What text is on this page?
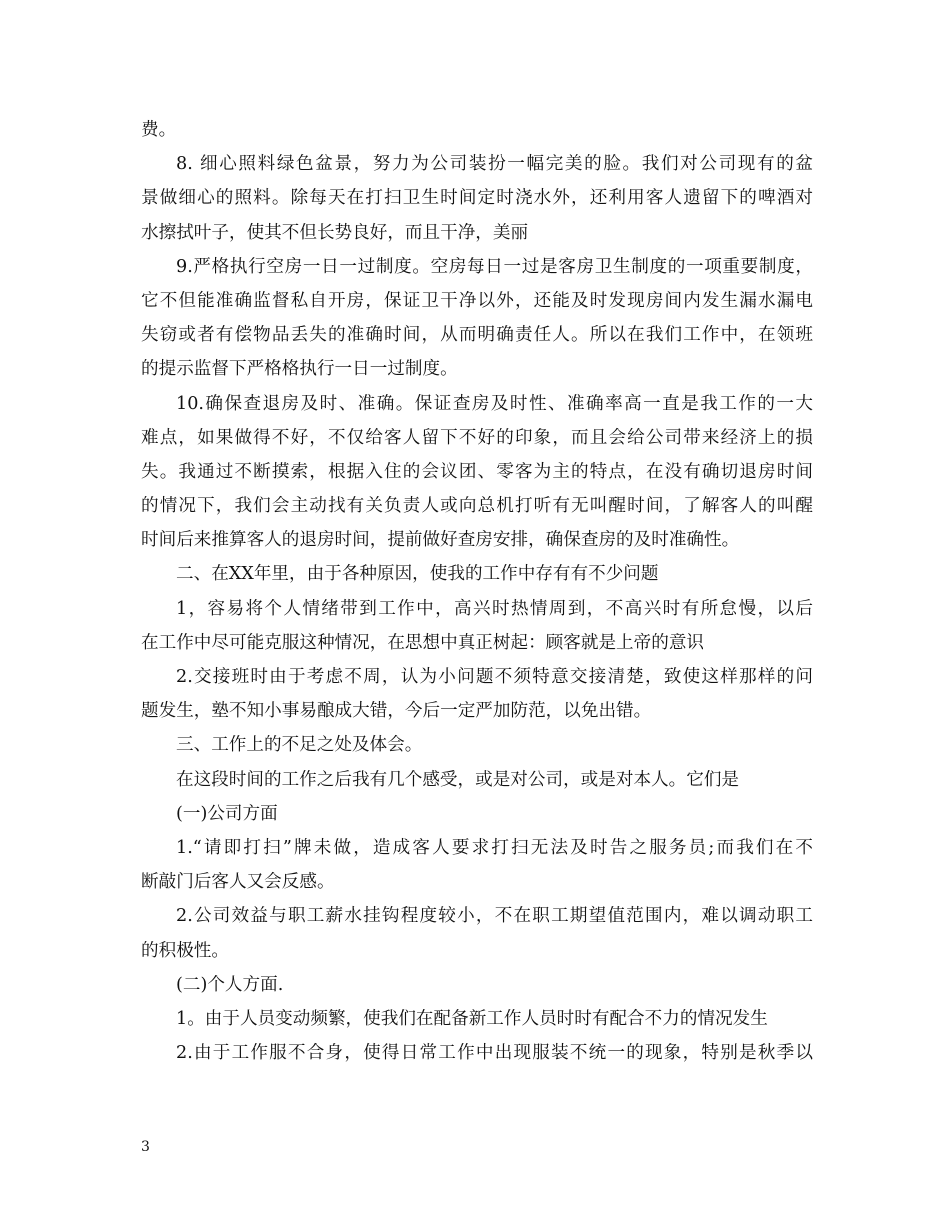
费。
8. 细心照料绿色盆景，努力为公司装扮一幅完美的脸。我们对公司现有的盆
景做细心的照料。除每天在打扫卫生时间定时浇水外，还利用客人遗留下的啤酒对
水擦拭叶子，使其不但长势良好，而且干净，美丽
9.严格执行空房一日一过制度。空房每日一过是客房卫生制度的一项重要制度，
它不但能准确监督私自开房，保证卫干净以外，还能及时发现房间内发生漏水漏电
失窃或者有偿物品丢失的准确时间，从而明确责任人。所以在我们工作中，在领班
的提示监督下严格格执行一日一过制度。
10.确保查退房及时、准确。保证查房及时性、准确率高一直是我工作的一大
难点，如果做得不好，不仅给客人留下不好的印象，而且会给公司带来经济上的损
失。我通过不断摸索，根据入住的会议团、零客为主的特点，在没有确切退房时间
的情况下，我们会主动找有关负责人或向总机打听有无叫醒时间，了解客人的叫醒
时间后来推算客人的退房时间，提前做好查房安排，确保查房的及时准确性。
二、在XX年里，由于各种原因，使我的工作中存有有不少问题
1，容易将个人情绪带到工作中，高兴时热情周到，不高兴时有所怠慢，以后
在工作中尽可能克服这种情况，在思想中真正树起：顾客就是上帝的意识
2.交接班时由于考虑不周，认为小问题不须特意交接清楚，致使这样那样的问
题发生，塾不知小事易酿成大错，今后一定严加防范，以免出错。
三、工作上的不足之处及体会。
在这段时间的工作之后我有几个感受，或是对公司，或是对本人。它们是
(一)公司方面
1.“请即打扫”牌未做，造成客人要求打扫无法及时告之服务员;而我们在不
断敲门后客人又会反感。
2.公司效益与职工薪水挂钩程度较小，不在职工期望值范围内，难以调动职工
的积极性。
(二)个人方面.
1。由于人员变动频繁，使我们在配备新工作人员时时有配合不力的情况发生
2.由于工作服不合身，使得日常工作中出现服装不统一的现象，特别是秋季以
3
